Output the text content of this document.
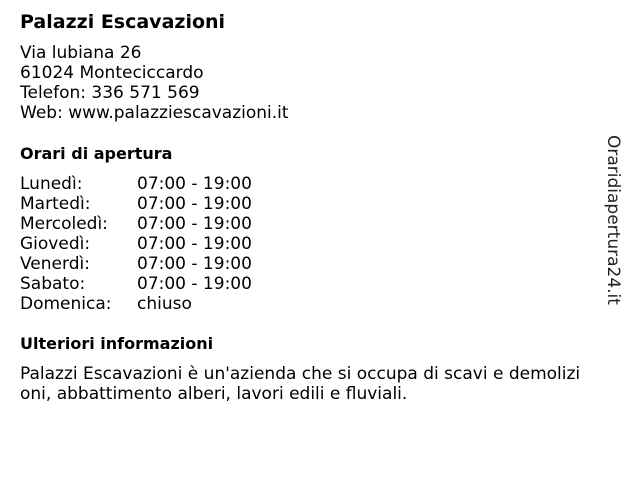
Palazzi Escavazioni
Via lubiana 26
61024 Monteciccardo
Telefon: 336 571 569
Web: www.palazziescavazioni.it
Orari di apertura
Lunedì:	07:00 - 19:00
Martedì:	07:00 - 19:00
Mercoledì:	07:00 - 19:00
Giovedì:	07:00 - 19:00
Venerdì:	07:00 - 19:00
Sabato:	07:00 - 19:00
Domenica:	chiuso
Ulteriori informazioni

Palazzi Escavazioni è un'azienda che si occupa di scavi e demolizioni, abbattimento alberi, lavori edili e fluviali.

Oraridiapertura24.it
